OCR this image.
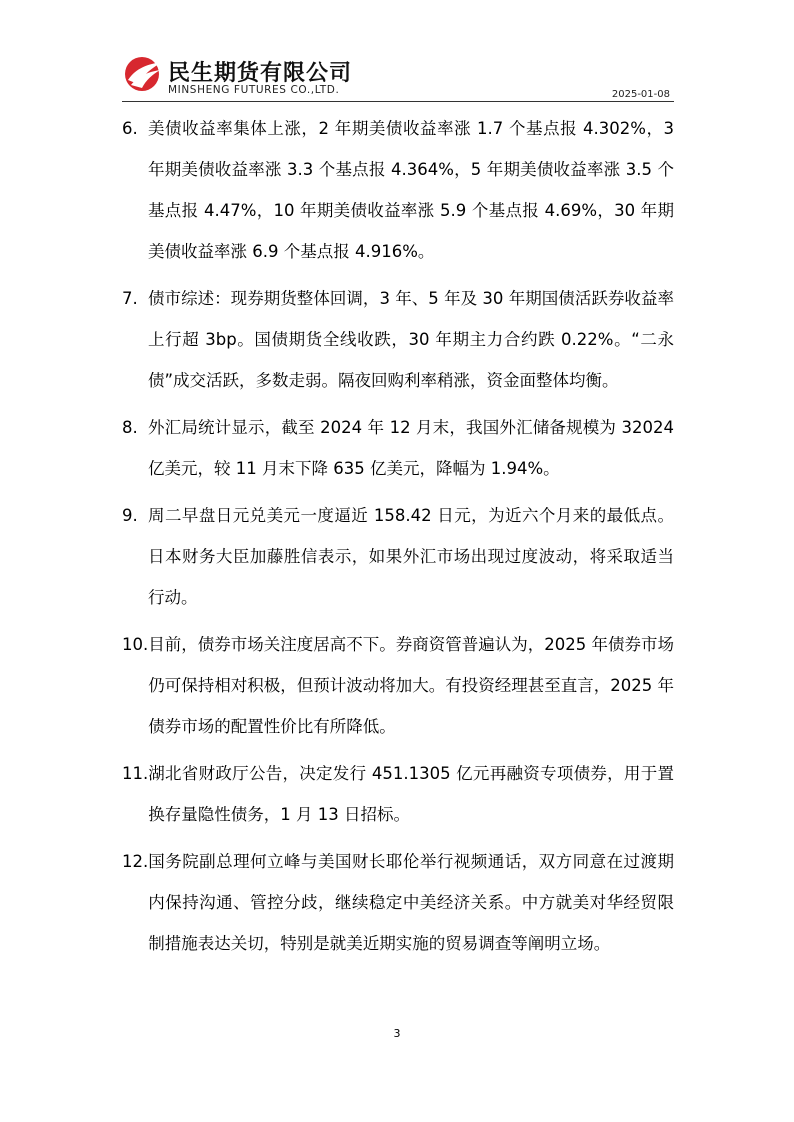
民生期货有限公司
MINSHENG FUTURES CO.,LTD.	2025-01-08
6. 美债收益率集体上涨，2 年期美债收益率涨 1.7 个基点报 4.302%，3 年期美债收益率涨 3.3 个基点报 4.364%，5 年期美债收益率涨 3.5 个基点报 4.47%，10 年期美债收益率涨 5.9 个基点报 4.69%，30 年期美债收益率涨 6.9 个基点报 4.916%。
7. 债市综述：现券期货整体回调，3 年、5 年及 30 年期国债活跃券收益率上行超 3bp。国债期货全线收跌，30 年期主力合约跌 0.22%。“二永债”成交活跃，多数走弱。隔夜回购利率稍涨，资金面整体均衡。
8. 外汇局统计显示，截至 2024 年 12 月末，我国外汇储备规模为 32024 亿美元，较 11 月末下降 635 亿美元，降幅为 1.94%。
9. 周二早盘日元兑美元一度逼近 158.42 日元，为近六个月来的最低点。日本财务大臣加藤胜信表示，如果外汇市场出现过度波动，将采取适当行动。
10. 目前，债券市场关注度居高不下。券商资管普遍认为，2025 年债券市场仍可保持相对积极，但预计波动将加大。有投资经理甚至直言，2025 年债券市场的配置性价比有所降低。
11. 湖北省财政厅公告，决定发行 451.1305 亿元再融资专项债券，用于置换存量隐性债务，1 月 13 日招标。
12. 国务院副总理何立峰与美国财长耶伦举行视频通话，双方同意在过渡期内保持沟通、管控分歧，继续稳定中美经济关系。中方就美对华经贸限制措施表达关切，特别是就美近期实施的贸易调查等阐明立场。
3
